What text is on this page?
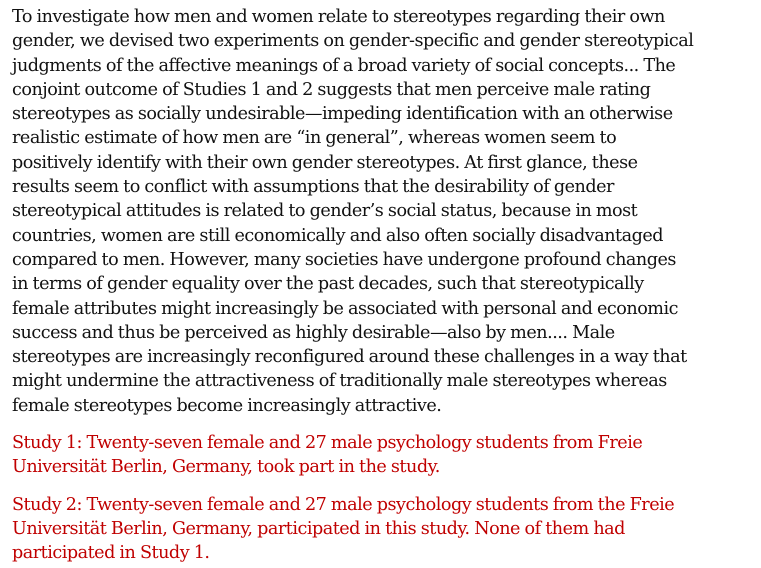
To investigate how men and women relate to stereotypes regarding their own
gender, we devised two experiments on gender-specific and gender stereotypical
judgments of the affective meanings of a broad variety of social concepts... The
conjoint outcome of Studies 1 and 2 suggests that men perceive male rating
stereotypes as socially undesirable—impeding identification with an otherwise
realistic estimate of how men are “in general”, whereas women seem to
positively identify with their own gender stereotypes. At first glance, these
results seem to conflict with assumptions that the desirability of gender
stereotypical attitudes is related to gender’s social status, because in most
countries, women are still economically and also often socially disadvantaged
compared to men. However, many societies have undergone profound changes
in terms of gender equality over the past decades, such that stereotypically
female attributes might increasingly be associated with personal and economic
success and thus be perceived as highly desirable—also by men.... Male
stereotypes are increasingly reconfigured around these challenges in a way that
might undermine the attractiveness of traditionally male stereotypes whereas
female stereotypes become increasingly attractive.
Study 1: Twenty-seven female and 27 male psychology students from Freie
Universität Berlin, Germany, took part in the study.
Study 2: Twenty-seven female and 27 male psychology students from the Freie
Universität Berlin, Germany, participated in this study. None of them had
participated in Study 1.
